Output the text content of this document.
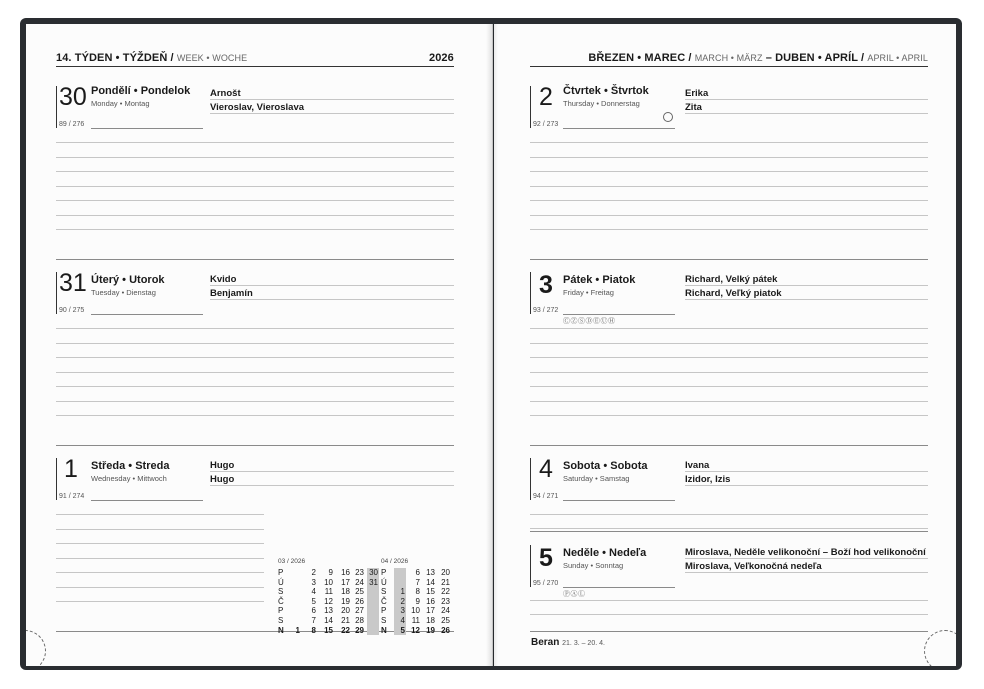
14. TÝDEN • TÝŽDEŇ / WEEK • WOCHE	2026
30 Pondělí • Pondelok
Monday • Montag
89 / 276
Arnošt
Vieroslav, Vieroslava
31 Úterý • Utorok
Tuesday • Dienstag
90 / 275
Kvido
Benjamín
1 Středa • Streda
Wednesday • Mittwoch
91 / 274
Hugo
Hugo
03 / 2026
P
Ú
S
Č
P
S
N

	1
2
3
4
5
6
7
8
9
10
11
12
13
14
15
16
17
18
19
20
21
22
23
24
25
26
27
28
29
30
31

04 / 2026
P
Ú
S
Č
P
S
N

1
2
3
4
5
6
7
8
9
10
11
12
13
14
15
16
17
18
19
20
21
22
23
24
25
26
BŘEZEN • MAREC / MARCH • MÄRZ – DUBEN • APRÍL / APRIL • APRIL
2 Čtvrtek • Štvrtok
Thursday • Donnerstag
92 / 273
Erika
Zita
3 Pátek • Piatok
Friday • Freitag
93 / 272
ⒸⓏⓈⒹⒺⓊⒽ
Richard, Velký pátek
Richard, Veľký piatok
4 Sobota • Sobota
Saturday • Samstag
94 / 271
Ivana
Izidor, Izis
5 Neděle • Nedeľa
Sunday • Sonntag
95 / 270
ⓅⒶⓁ
Miroslava, Neděle velikonoční – Boží hod velikonoční
Miroslava, Veľkonočná nedeľa
Beran 21. 3. – 20. 4.
